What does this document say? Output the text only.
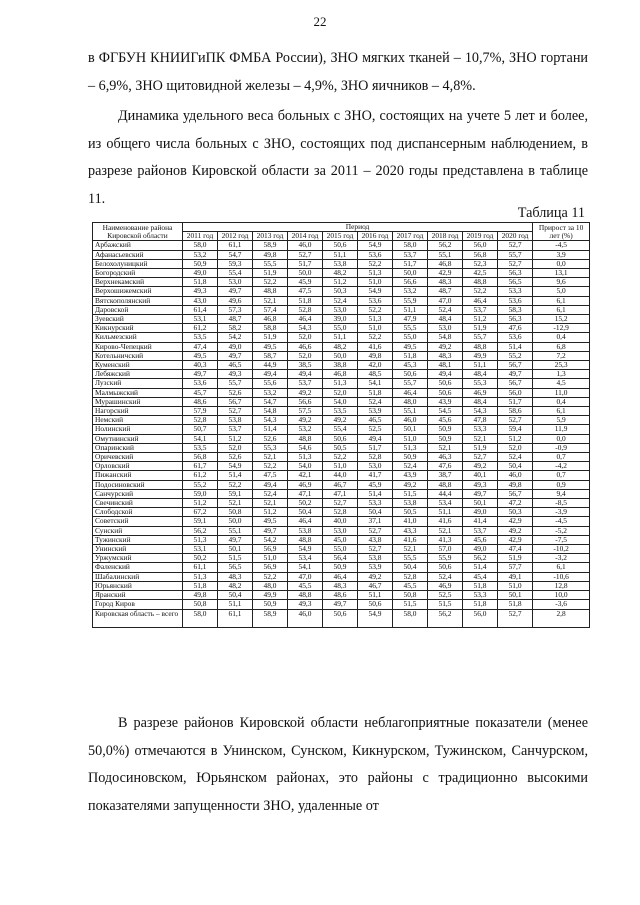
22

в ФГБУН КНИИГиПК ФМБА России), ЗНО мягких тканей – 10,7%, ЗНО гортани – 6,9%, ЗНО щитовидной железы – 4,9%, ЗНО яичников – 4,8%.

Динамика удельного веса больных с ЗНО, состоящих на учете 5 лет и более, из общего числа больных с ЗНО, состоящих под диспансерным наблюдением, в разрезе районов Кировской области за 2011 – 2020 годы представлена в таблице 11.

Таблица 11
Наименование района Кировской области	Период										Прирост за 10 лет (%)
	2011 год	2012 год	2013 год	2014 год	2015 год	2016 год	2017 год	2018 год	2019 год	2020 год	
Арбажский	58,0	61,1	58,9	46,0	50,6	54,9	58,0	56,2	56,0	52,7	-4,5
Афанасьевский	53,2	54,7	49,8	52,7	51,1	53,6	53,7	55,1	56,8	55,7	3,9
Белохолуницкий	50,9	59,3	55,5	51,7	53,8	52,2	51,7	46,8	52,3	52,7	0,0
Богородский	49,0	55,4	51,9	50,0	48,2	51,3	50,0	42,9	42,5	56,3	13,1
Верхнекамский	51,8	53,0	52,2	45,9	51,2	51,0	56,6	48,3	48,8	56,5	9,6
Верхошижемский	49,3	49,7	48,8	47,5	50,3	54,9	53,2	48,7	52,2	53,3	5,0
Вятскополянский	43,0	49,6	52,1	51,8	52,4	53,6	55,9	47,0	46,4	53,6	6,1
Даровской	61,4	57,3	57,4	52,8	53,0	52,2	51,1	52,4	53,7	58,3	6,1
Зуевский	53,1	48,7	46,8	46,4	39,0	51,3	47,9	48,4	51,2	56,3	15,2
Кикнурский	61,2	58,2	58,8	54,3	55,0	51,0	55,5	53,0	51,9	47,6	-12,9
Кильмезский	53,5	54,2	51,9	52,0	51,1	52,2	55,0	54,8	55,7	53,6	0,4
Кирово-Чепецкий	47,4	49,0	49,5	46,6	48,2	41,6	49,5	49,2	48,8	51,4	6,8
Котельничский	49,5	49,7	58,7	52,0	50,0	49,8	51,8	48,3	49,9	55,2	7,2
Куменский	40,3	46,5	44,9	38,5	38,8	42,0	45,3	48,1	51,1	56,7	25,3
Лебяжский	49,7	49,3	49,4	49,4	46,8	48,5	50,6	49,4	48,4	49,7	1,3
Лузский	53,6	55,7	55,6	53,7	51,3	54,1	55,7	50,6	55,3	56,7	4,5
Малмыжский	45,7	52,6	53,2	49,2	52,0	51,8	46,4	50,6	46,9	56,0	11,0
Мурашинский	48,6	56,7	54,7	56,6	54,0	52,4	48,0	43,9	48,4	51,7	0,4
Нагорский	57,9	52,7	54,8	57,5	53,5	53,9	55,1	54,5	54,3	58,6	6,1
Немский	52,8	53,8	54,3	49,2	49,2	46,5	46,0	45,6	47,8	52,7	5,9
Нолинский	50,7	53,7	51,4	53,2	55,4	52,5	50,1	50,9	53,3	59,4	11,9
Омутнинский	54,1	51,2	52,6	48,8	50,6	49,4	51,0	50,9	52,1	51,2	0,0
Опаринский	53,5	52,0	55,3	54,6	50,5	51,7	51,3	52,1	51,9	52,0	-0,9
Оричевский	56,8	52,6	52,1	51,3	52,2	52,8	50,9	46,3	52,7	52,4	0,7
Орловский	61,7	54,9	52,2	54,0	51,0	53,0	52,4	47,6	49,2	50,4	-4,2
Пижанский	61,2	51,4	47,5	42,1	44,0	41,7	43,9	38,7	40,1	46,0	0,7
Подосиновский	55,2	52,2	49,4	46,9	46,7	45,9	49,2	48,8	49,3	49,8	0,9
Санчурский	59,0	59,1	52,4	47,1	47,1	51,4	51,5	44,4	49,7	56,7	9,4
Свечинский	51,2	52,1	52,1	50,2	52,7	53,3	53,8	53,4	50,1	47,2	-8,5
Слободской	67,2	50,8	51,2	50,4	52,8	50,4	50,5	51,1	49,0	50,3	-3,9
Советский	59,1	50,0	49,5	46,4	40,0	37,1	41,0	41,6	41,4	42,9	-4,5
Сунский	56,2	55,1	49,7	53,8	53,0	52,7	43,3	52,1	53,7	49,2	-5,2
Тужинский	51,3	49,7	54,2	48,8	45,0	43,8	41,6	41,3	45,6	42,9	-7,5
Унинский	53,1	50,1	56,9	54,9	55,0	52,7	52,1	57,0	49,0	47,4	-10,2
Уржумский	50,2	51,5	51,0	53,4	56,4	53,8	55,5	55,9	56,2	51,9	-3,2
Фаленский	61,1	56,5	56,9	54,1	50,9	53,9	50,4	50,6	51,4	57,7	6,1
Шабалинский	51,3	48,3	52,2	47,0	46,4	49,2	52,8	52,4	45,4	49,1	-10,6
Юрьянский	51,8	48,2	48,0	45,5	48,3	46,7	45,5	46,9	51,8	51,0	12,8
Яранский	49,8	50,4	49,9	48,8	48,6	51,1	50,8	52,5	53,3	50,1	10,0
Город Киров	50,8	51,1	50,9	49,3	49,7	50,6	51,5	51,5	51,8	51,8	-3,6
Кировская область – всего	58,0	61,1	58,9	46,0	50,6	54,9	58,0	56,2	56,0	52,7	2,8

В разрезе районов Кировской области неблагоприятные показатели (менее 50,0%) отмечаются в Унинском, Сунском, Кикнурском, Тужинском, Санчурском, Подосиновском, Юрьянском районах, это районы с традиционно высокими показателями запущенности ЗНО, удаленные от
